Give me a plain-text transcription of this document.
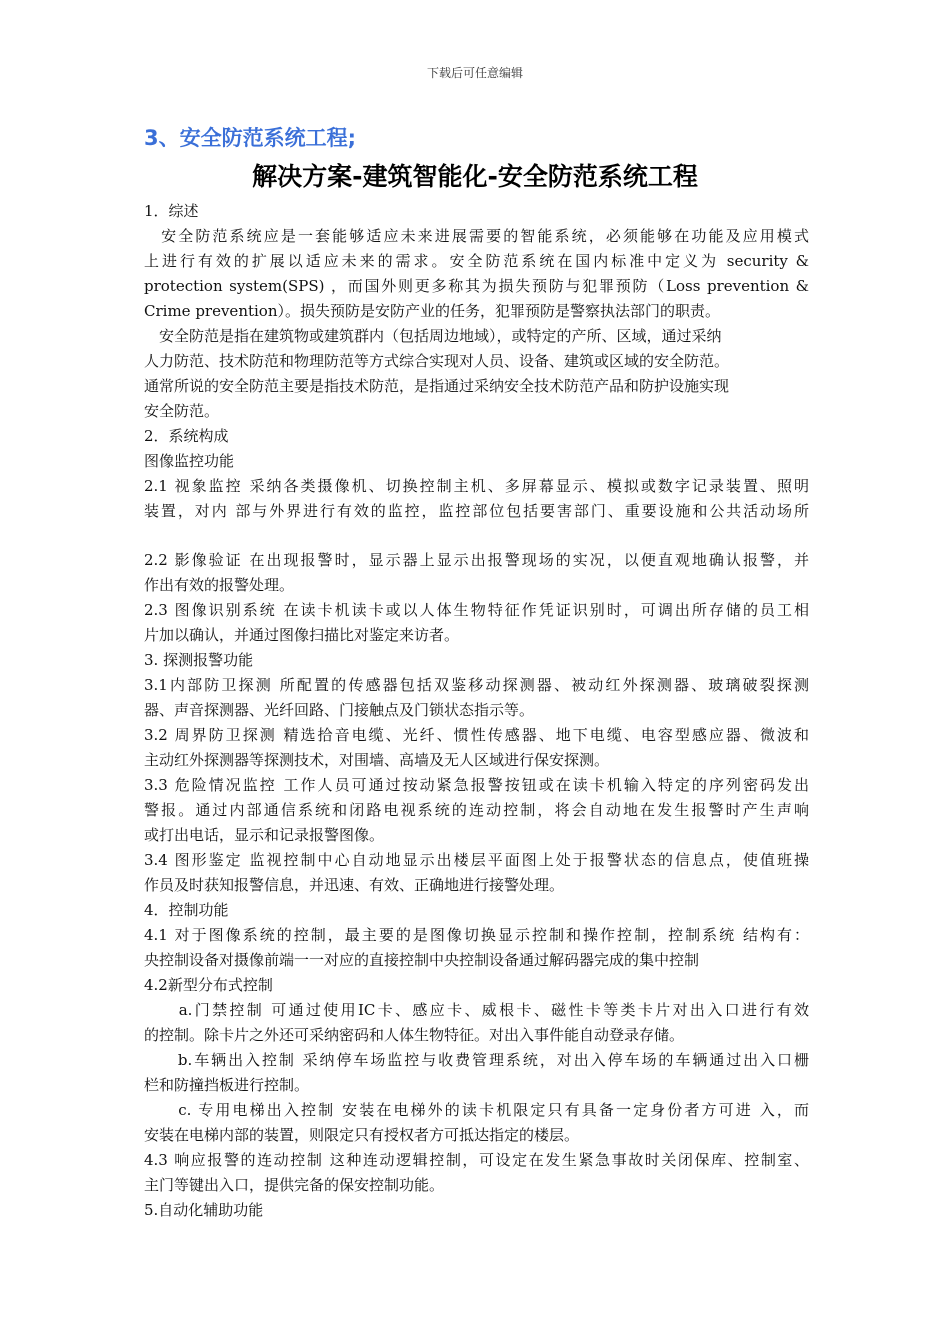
下载后可任意编辑
3、安全防范系统工程;
解决方案-建筑智能化-安全防范系统工程
1．综述
　安全防范系统应是一套能够适应未来进展需要的智能系统，必须能够在功能及应用模式
上进行有效的扩展以适应未来的需求。安全防范系统在国内标准中定义为 security &
protection system(SPS) ，而国外则更多称其为损失预防与犯罪预防（Loss prevention &
Crime prevention）。损失预防是安防产业的任务，犯罪预防是警察执法部门的职责。
　安全防范是指在建筑物或建筑群内（包括周边地域），或特定的产所、区域，通过采纳
人力防范、技术防范和物理防范等方式综合实现对人员、设备、建筑或区域的安全防范。
通常所说的安全防范主要是指技术防范，是指通过采纳安全技术防范产品和防护设施实现
安全防范。
2．系统构成
图像监控功能
2.1 视象监控 采纳各类摄像机、切换控制主机、多屏幕显示、模拟或数字记录装置、照明
装置，对内 部与外界进行有效的监控，监控部位包括要害部门、重要设施和公共活动场所
2.2 影像验证 在出现报警时，显示器上显示出报警现场的实况，以便直观地确认报警，并
作出有效的报警处理。
2.3 图像识别系统 在读卡机读卡或以人体生物特征作凭证识别时，可调出所存储的员工相
片加以确认，并通过图像扫描比对鉴定来访者。
3. 探测报警功能
3.1内部防卫探测 所配置的传感器包括双鉴移动探测器、被动红外探测器、玻璃破裂探测
器、声音探测器、光纤回路、门接触点及门锁状态指示等。
3.2 周界防卫探测 精选拾音电缆、光纤、惯性传感器、地下电缆、电容型感应器、微波和
主动红外探测器等探测技术，对围墙、高墙及无人区域进行保安探测。
3.3 危险情况监控 工作人员可通过按动紧急报警按钮或在读卡机输入特定的序列密码发出
警报。通过内部通信系统和闭路电视系统的连动控制，将会自动地在发生报警时产生声响
或打出电话，显示和记录报警图像。
3.4 图形鉴定 监视控制中心自动地显示出楼层平面图上处于报警状态的信息点，使值班操
作员及时获知报警信息，并迅速、有效、正确地进行接警处理。
4．控制功能
4.1 对于图像系统的控制，最主要的是图像切换显示控制和操作控制，控制系统 结构有：
央控制设备对摄像前端一一对应的直接控制中央控制设备通过解码器完成的集中控制
4.2新型分布式控制
　　a.门禁控制 可通过使用IC卡、感应卡、威根卡、磁性卡等类卡片对出入口进行有效
的控制。除卡片之外还可采纳密码和人体生物特征。对出入事件能自动登录存储。
　　b.车辆出入控制 采纳停车场监控与收费管理系统，对出入停车场的车辆通过出入口栅
栏和防撞挡板进行控制。
　　c. 专用电梯出入控制 安装在电梯外的读卡机限定只有具备一定身份者方可进 入，而
安装在电梯内部的装置，则限定只有授权者方可抵达指定的楼层。
4.3 响应报警的连动控制 这种连动逻辑控制，可设定在发生紧急事故时关闭保库、控制室、
主门等键出入口，提供完备的保安控制功能。
5.自动化辅助功能
